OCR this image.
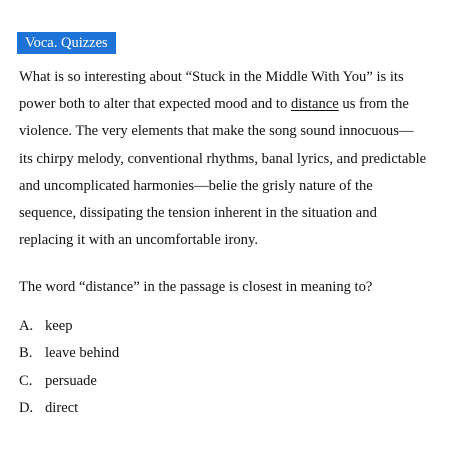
Voca. Quizzes
What is so interesting about “Stuck in the Middle With You” is its
power both to alter that expected mood and to distance us from the
violence. The very elements that make the song sound innocuous—
its chirpy melody, conventional rhythms, banal lyrics, and predictable
and uncomplicated harmonies—belie the grisly nature of the
sequence, dissipating the tension inherent in the situation and
replacing it with an uncomfortable irony.
The word “distance” in the passage is closest in meaning to?
A. keep
B. leave behind
C. persuade
D. direct
